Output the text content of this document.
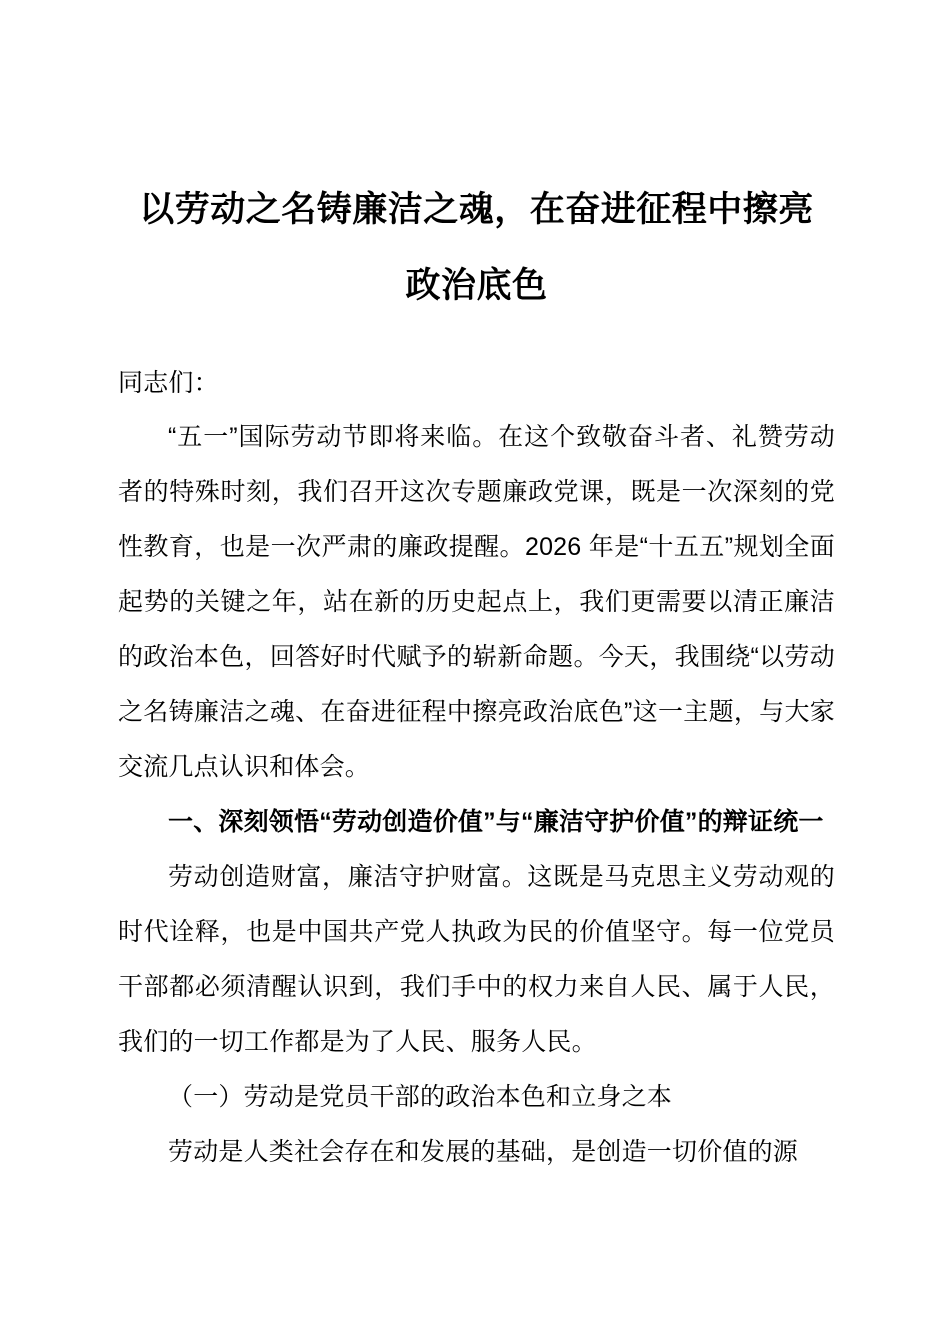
以劳动之名铸廉洁之魂，在奋进征程中擦亮
政治底色

同志们：

“五一”国际劳动节即将来临。在这个致敬奋斗者、礼赞劳动者的特殊时刻，我们召开这次专题廉政党课，既是一次深刻的党性教育，也是一次严肃的廉政提醒。2026 年是“十五五”规划全面起势的关键之年，站在新的历史起点上，我们更需要以清正廉洁的政治本色，回答好时代赋予的崭新命题。今天，我围绕“以劳动之名铸廉洁之魂、在奋进征程中擦亮政治底色”这一主题，与大家交流几点认识和体会。

一、深刻领悟“劳动创造价值”与“廉洁守护价值”的辩证统一

劳动创造财富，廉洁守护财富。这既是马克思主义劳动观的时代诠释，也是中国共产党人执政为民的价值坚守。每一位党员干部都必须清醒认识到，我们手中的权力来自人民、属于人民，我们的一切工作都是为了人民、服务人民。

（一）劳动是党员干部的政治本色和立身之本

劳动是人类社会存在和发展的基础，是创造一切价值的源
